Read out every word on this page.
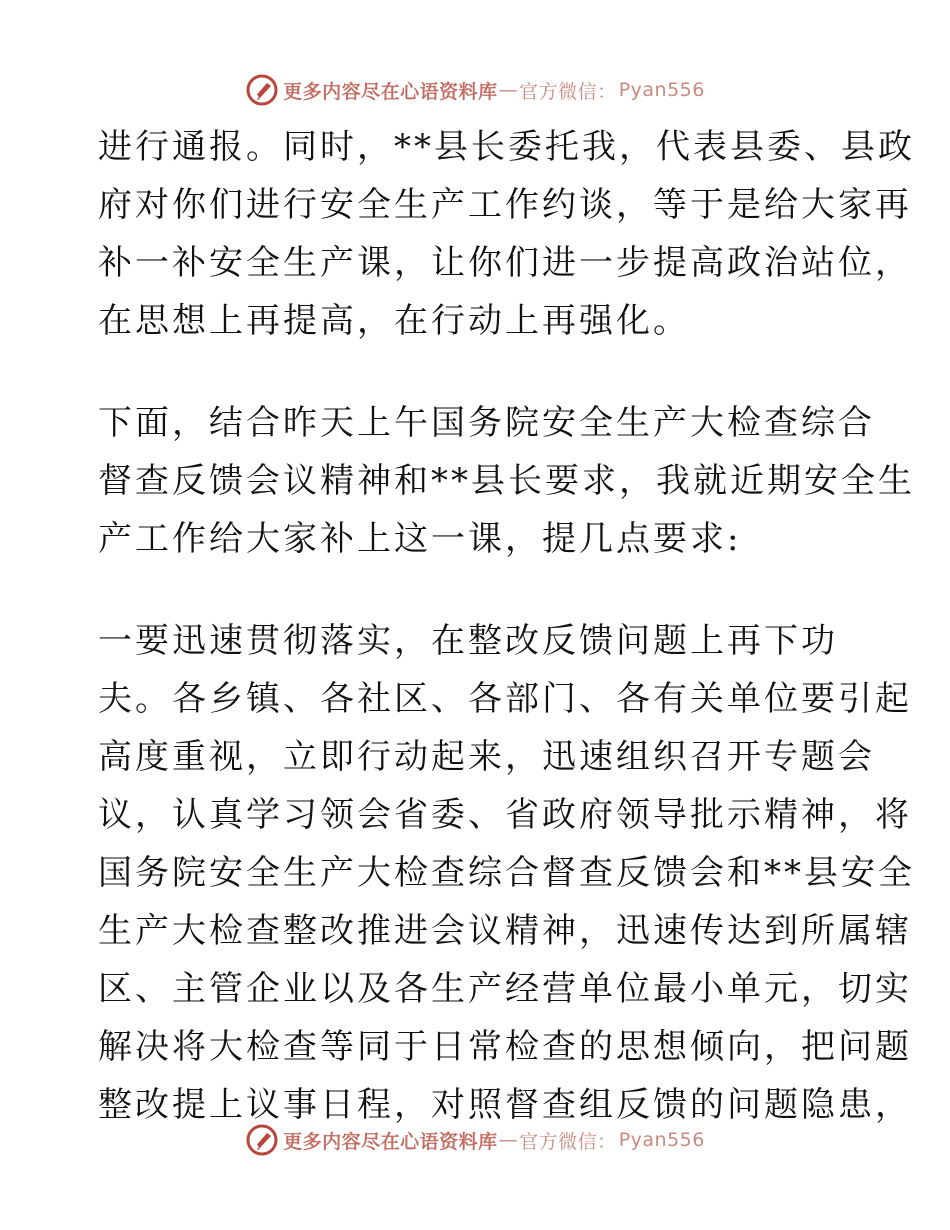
更多内容尽在心语资料库 — 官方微信： Pyan556
进行通报。同时，**县长委托我，代表县委、县政
府对你们进行安全生产工作约谈，等于是给大家再
补一补安全生产课，让你们进一步提高政治站位，
在思想上再提高，在行动上再强化。
下面，结合昨天上午国务院安全生产大检查综合
督查反馈会议精神和**县长要求，我就近期安全生
产工作给大家补上这一课，提几点要求:
一要迅速贯彻落实，在整改反馈问题上再下功
夫。各乡镇、各社区、各部门、各有关单位要引起
高度重视，立即行动起来，迅速组织召开专题会
议，认真学习领会省委、省政府领导批示精神，将
国务院安全生产大检查综合督查反馈会和**县安全
生产大检查整改推进会议精神，迅速传达到所属辖
区、主管企业以及各生产经营单位最小单元，切实
解决将大检查等同于日常检查的思想倾向，把问题
整改提上议事日程，对照督查组反馈的问题隐患，
更多内容尽在心语资料库 — 官方微信： Pyan556
